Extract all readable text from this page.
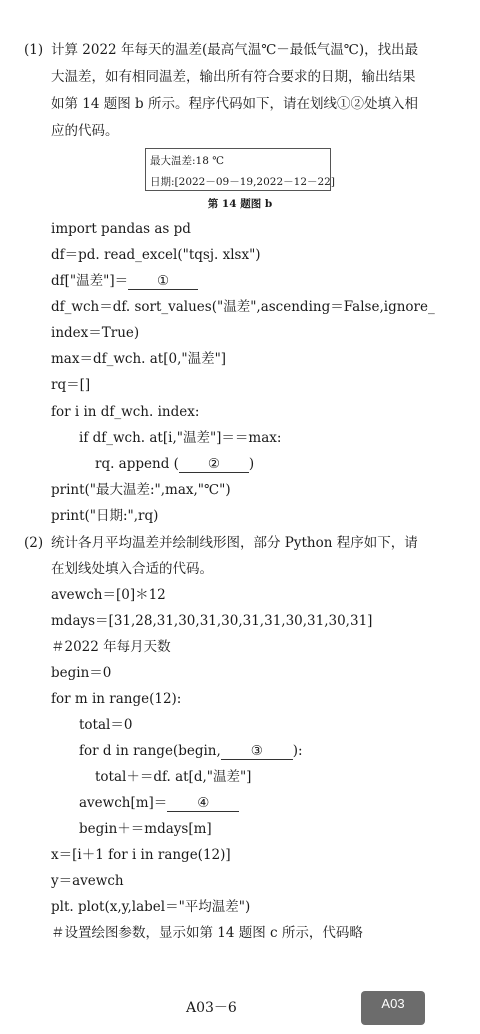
(1) 计算 2022 年每天的温差(最高气温℃－最低气温℃)，找出最
大温差，如有相同温差，输出所有符合要求的日期，输出结果
如第 14 题图 b 所示。程序代码如下，请在划线①②处填入相
应的代码。
最大温差:18 ℃
日期:[2022－09－19,2022－12－22]
第 14 题图 b
import pandas as pd
df＝pd. read_excel("tqsj. xlsx")
df["温差"]＝ ①
df_wch＝df. sort_values("温差",ascending＝False,ignore_
index＝True)
max＝df_wch. at[0,"温差"]
rq＝[]
for i in df_wch. index:
if df_wch. at[i,"温差"]＝＝max:
rq. append ( ② )
print("最大温差:",max,"℃")
print("日期:",rq)
(2) 统计各月平均温差并绘制线形图，部分 Python 程序如下，请
在划线处填入合适的代码。
avewch＝[0]＊12
mdays＝[31,28,31,30,31,30,31,31,30,31,30,31]
＃2022 年每月天数
begin＝0
for m in range(12):
total＝0
for d in range(begin, ③ ):
total＋＝df. at[d,"温差"]
avewch[m]＝ ④
begin＋＝mdays[m]
x＝[i＋1 for i in range(12)]
y＝avewch
plt. plot(x,y,label＝"平均温差")
＃设置绘图参数，显示如第 14 题图 c 所示，代码略
A03－6	A03
